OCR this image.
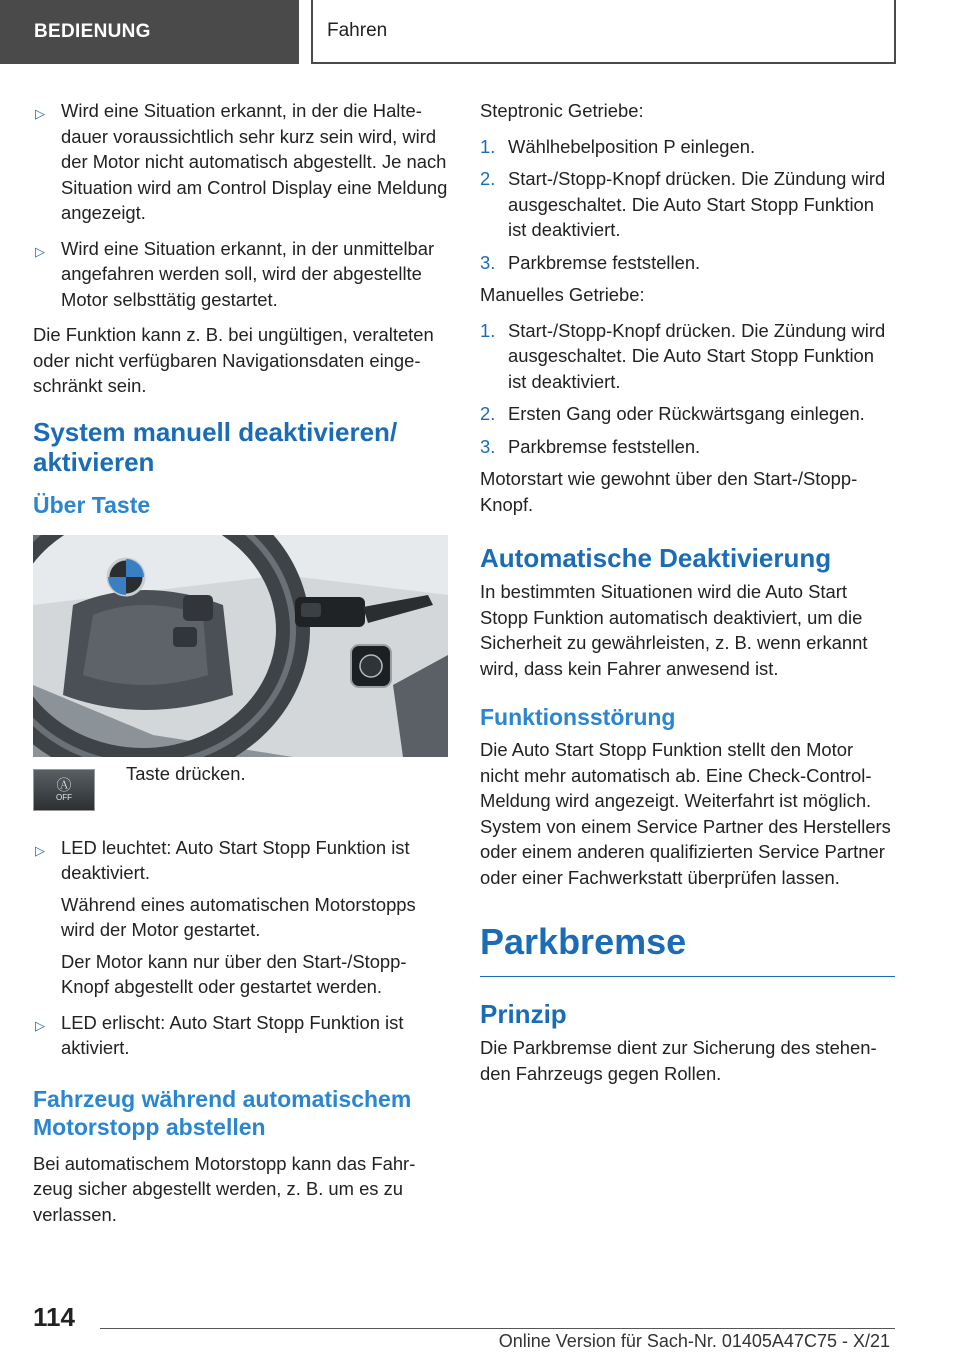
BEDIENUNG	Fahren
▷ Wird eine Situation erkannt, in der die Haltedauer voraussichtlich sehr kurz sein wird, wird der Motor nicht automatisch abgestellt. Je nach Situation wird am Control Display eine Meldung angezeigt.
▷ Wird eine Situation erkannt, in der unmittelbar angefahren werden soll, wird der abgestellte Motor selbsttätig gestartet.

Die Funktion kann z. B. bei ungültigen, veralteten oder nicht verfügbaren Navigationsdaten eingeschränkt sein.

System manuell deaktivieren/ aktivieren
Über Taste
Ⓐ
OFF
Taste drücken.
▷ LED leuchtet: Auto Start Stopp Funktion ist deaktiviert.

Während eines automatischen Motorstopps wird der Motor gestartet.

Der Motor kann nur über den Start-/Stopp-Knopf abgestellt oder gestartet werden.

▷ LED erlischt: Auto Start Stopp Funktion ist aktiviert.
Fahrzeug während automatischem Motorstopp abstellen

Bei automatischem Motorstopp kann das Fahrzeug sicher abgestellt werden, z. B. um es zu verlassen.

Steptronic Getriebe:

1. Wählhebelposition P einlegen.
2. Start-/Stopp-Knopf drücken. Die Zündung wird ausgeschaltet. Die Auto Start Stopp Funktion ist deaktiviert.
3. Parkbremse feststellen.

Manuelles Getriebe:

1. Start-/Stopp-Knopf drücken. Die Zündung wird ausgeschaltet. Die Auto Start Stopp Funktion ist deaktiviert.
2. Ersten Gang oder Rückwärtsgang einlegen.
3. Parkbremse feststellen.

Motorstart wie gewohnt über den Start-/Stopp-Knopf.

Automatische Deaktivierung

In bestimmten Situationen wird die Auto Start Stopp Funktion automatisch deaktiviert, um die Sicherheit zu gewährleisten, z. B. wenn erkannt wird, dass kein Fahrer anwesend ist.

Funktionsstörung

Die Auto Start Stopp Funktion stellt den Motor nicht mehr automatisch ab. Eine Check-Control-Meldung wird angezeigt. Weiterfahrt ist möglich. System von einem Service Partner des Herstellers oder einem anderen qualifizierten Service Partner oder einer Fachwerkstatt überprüfen lassen.

Parkbremse
Prinzip

Die Parkbremse dient zur Sicherung des stehenden Fahrzeugs gegen Rollen.

114
Online Version für Sach-Nr. 01405A47C75 - X/21
